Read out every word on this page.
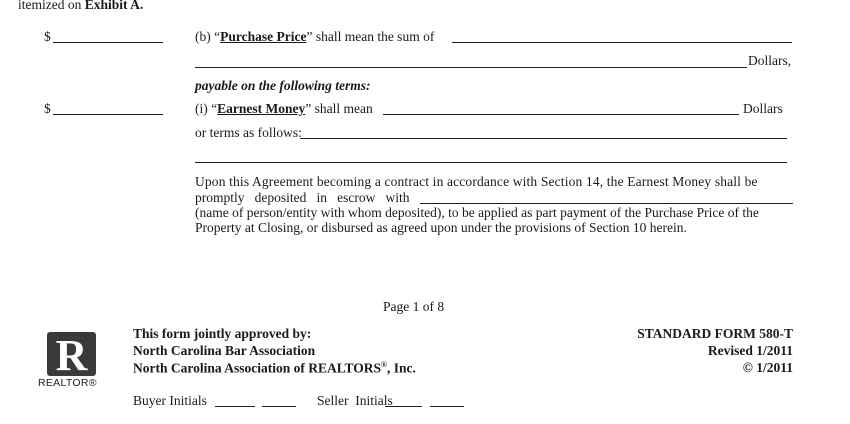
itemized on Exhibit A.
$	(b) “Purchase Price” shall mean the sum of
Dollars,
payable on the following terms:
$	(i) “Earnest Money” shall mean	Dollars
or terms as follows:
Upon this Agreement becoming a contract in accordance with Section 14, the Earnest Money shall be
promptly   deposited   in   escrow   with
(name of person/entity with whom deposited), to be applied as part payment of the Purchase Price of the
Property at Closing, or disbursed as agreed upon under the provisions of Section 10 herein.
Page 1 of 8
R
REALTOR®
This form jointly approved by:
North Carolina Bar Association
North Carolina Association of REALTORS®, Inc.
STANDARD FORM 580-T
Revised 1/2011
© 1/2011
Buyer Initials	Seller  Initials
